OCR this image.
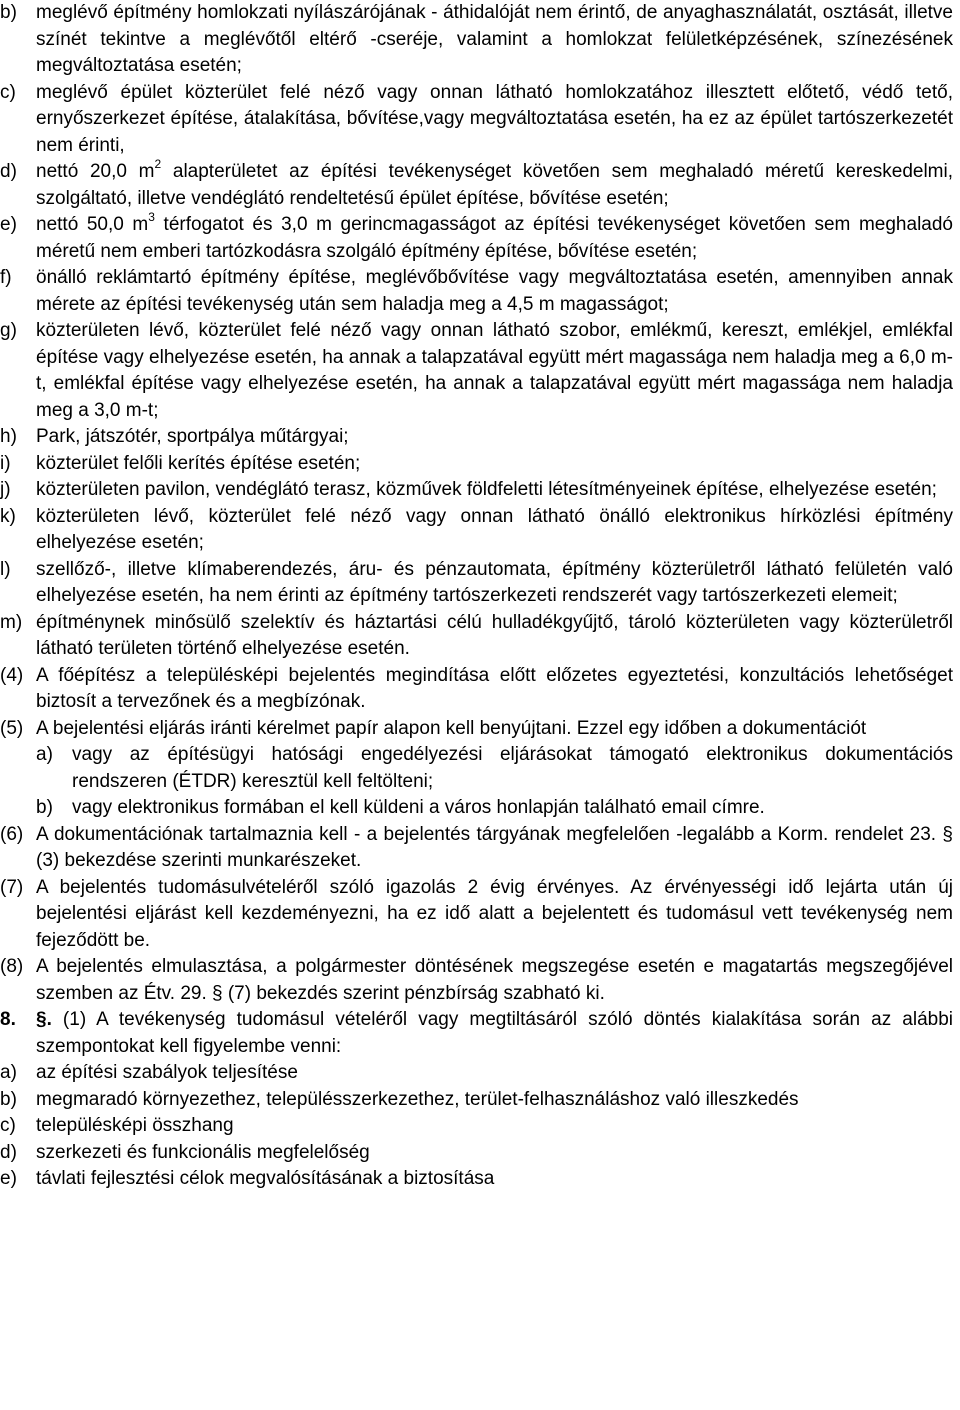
b) meglévő építmény homlokzati nyílászárójának - áthidalóját nem érintő, de anyaghasználatát, osztását, illetve színét tekintve a meglévőtől eltérő -cseréje, valamint a homlokzat felületképzésének, színezésének megváltoztatása esetén;
c) meglévő épület közterület felé néző vagy onnan látható homlokzatához illesztett előtető, védő tető, ernyőszerkezet építése, átalakítása, bővítése,vagy megváltoztatása esetén, ha ez az épület tartószerkezetét nem érinti,
d) nettó 20,0 $m^2$ alapterületet az építési tevékenységet követően sem meghaladó méretű kereskedelmi, szolgáltató, illetve vendéglátó rendeltetésű épület építése, bővítése esetén;
e) nettó 50,0 $m^3$ térfogatot és 3,0 m gerincmagasságot az építési tevékenységet követően sem meghaladó méretű nem emberi tartózkodásra szolgáló építmény építése, bővítése esetén;
f) önálló reklámtartó építmény építése, meglévőbővítése vagy megváltoztatása esetén, amennyiben annak mérete az építési tevékenység után sem haladja meg a 4,5 m magasságot;
g) közterületen lévő, közterület felé néző vagy onnan látható szobor, emlékmű, kereszt, emlékjel, emlékfal építése vagy elhelyezése esetén, ha annak a talapzatával együtt mért magassága nem haladja meg a 6,0 m-t, emlékfal építése vagy elhelyezése esetén, ha annak a talapzatával együtt mért magassága nem haladja meg a 3,0 m-t;
h) Park, játszótér, sportpálya műtárgyai;
i) közterület felőli kerítés építése esetén;
j) közterületen pavilon, vendéglátó terasz, közművek földfeletti létesítményeinek építése, elhelyezése esetén;
k) közterületen lévő, közterület felé néző vagy onnan látható önálló elektronikus hírközlési építmény elhelyezése esetén;
l) szellőző-, illetve klímaberendezés, áru- és pénzautomata, építmény közterületről látható felületén való elhelyezése esetén, ha nem érinti az építmény tartószerkezeti rendszerét vagy tartószerkezeti elemeit;
m) építménynek minősülő szelektív és háztartási célú hulladékgyűjtő, tároló közterületen vagy közterületről látható területen történő elhelyezése esetén.
(4) A főépítész a településképi bejelentés megindítása előtt előzetes egyeztetési, konzultációs lehetőséget biztosít a tervezőnek és a megbízónak.
(5) A bejelentési eljárás iránti kérelmet papír alapon kell benyújtani. Ezzel egy időben a dokumentációt
a) vagy az építésügyi hatósági engedélyezési eljárásokat támogató elektronikus dokumentációs rendszeren (ÉTDR) keresztül kell feltölteni;
b) vagy elektronikus formában el kell küldeni a város honlapján található email címre.
(6) A dokumentációnak tartalmaznia kell - a bejelentés tárgyának megfelelően -legalább a Korm. rendelet 23. § (3) bekezdése szerinti munkarészeket.
(7) A bejelentés tudomásulvételéről szóló igazolás 2 évig érvényes. Az érvényességi idő lejárta után új bejelentési eljárást kell kezdeményezni, ha ez idő alatt a bejelentett és tudomásul vett tevékenység nem fejeződött be.
(8) A bejelentés elmulasztása, a polgármester döntésének megszegése esetén e magatartás megszegőjével szemben az Étv. 29. § (7) bekezdés szerint pénzbírság szabható ki.
8. §. (1) A tevékenység tudomásul vételéről vagy megtiltásáról szóló döntés kialakítása során az alábbi szempontokat kell figyelembe venni:
a) az építési szabályok teljesítése
b) megmaradó környezethez, településszerkezethez, terület-felhasználáshoz való illeszkedés
c) településképi összhang
d) szerkezeti és funkcionális megfelelőség
e) távlati fejlesztési célok megvalósításának a biztosítása
